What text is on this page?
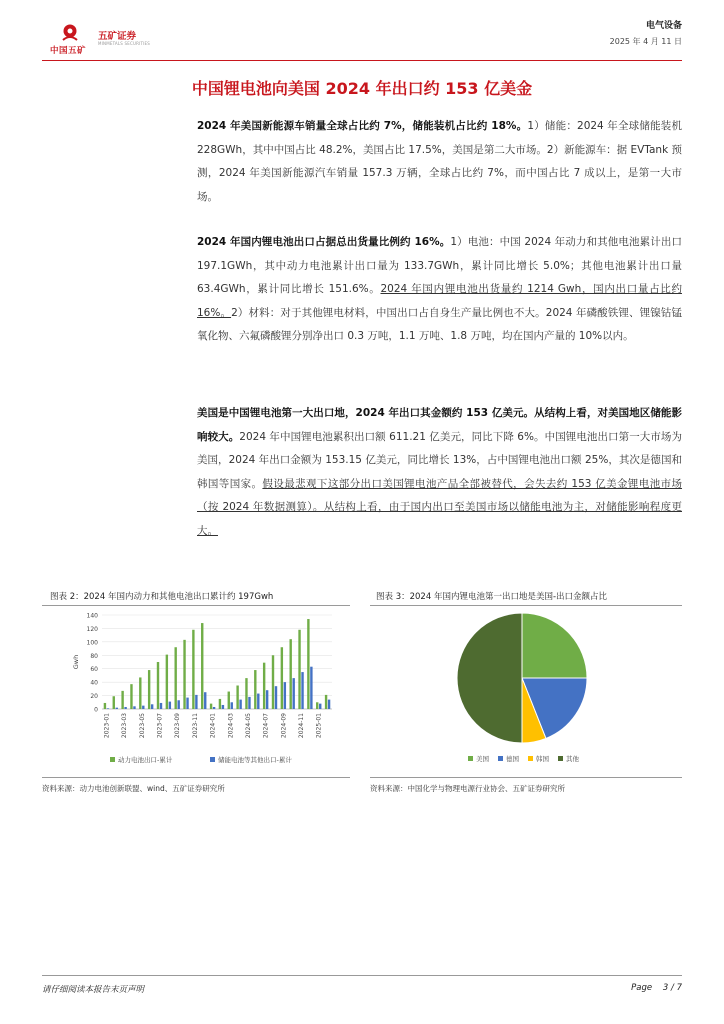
中国五矿
五矿证券
MINMETALS SECURITIES
电气设备
2025 年 4 月 11 日
中国锂电池向美国 2024 年出口约 153 亿美金
2024 年美国新能源车销量全球占比约 7%，储能装机占比约 18%。1）储能：2024 年全球储能装机 228GWh，其中中国占比 48.2%，美国占比 17.5%，美国是第二大市场。2）新能源车：据 EVTank 预测，2024 年美国新能源汽车销量 157.3 万辆，全球占比约 7%，而中国占比 7 成以上，是第一大市场。
2024 年国内锂电池出口占据总出货量比例约 16%。1）电池：中国 2024 年动力和其他电池累计出口 197.1GWh，其中动力电池累计出口量为 133.7GWh，累计同比增长 5.0%；其他电池累计出口量 63.4GWh，累计同比增长 151.6%。2024 年国内锂电池出货量约 1214 Gwh，国内出口量占比约 16%。2）材料：对于其他锂电材料，中国出口占自身生产量比例也不大。2024 年磷酸铁锂、锂镍钴锰氧化物、六氟磷酸锂分别净出口 0.3 万吨，1.1 万吨、1.8 万吨，均在国内产量的 10%以内。
美国是中国锂电池第一大出口地，2024 年出口其金额约 153 亿美元。从结构上看，对美国地区储能影响较大。2024 年中国锂电池累积出口额 611.21 亿美元，同比下降 6%。中国锂电池出口第一大市场为美国，2024 年出口金额为 153.15 亿美元，同比增长 13%，占中国锂电池出口额 25%，其次是德国和韩国等国家。假设最悲观下这部分出口美国锂电池产品全部被替代，会失去约 153 亿美金锂电池市场（按 2024 年数据测算）。从结构上看，由于国内出口至美国市场以储能电池为主，对储能影响程度更大。
图表 2：2024 年国内动力和其他电池出口累计约 197Gwh
0
20
40
60
80
100
120
140
Gwh
2023-01 2023-03 2023-05 2023-07 2023-09 2023-11 2024-01 2024-03 2024-05 2024-07 2024-09 2024-11 2025-01
动力电池出口-累计	储能电池等其他出口-累计
资料来源：动力电池创新联盟、wind、五矿证券研究所
图表 3：2024 年国内锂电池第一出口地是美国-出口金额占比
美国	德国	韩国	其他
资料来源：中国化学与物理电源行业协会、五矿证券研究所
请仔细阅读本报告末页声明	Page 3 / 7
